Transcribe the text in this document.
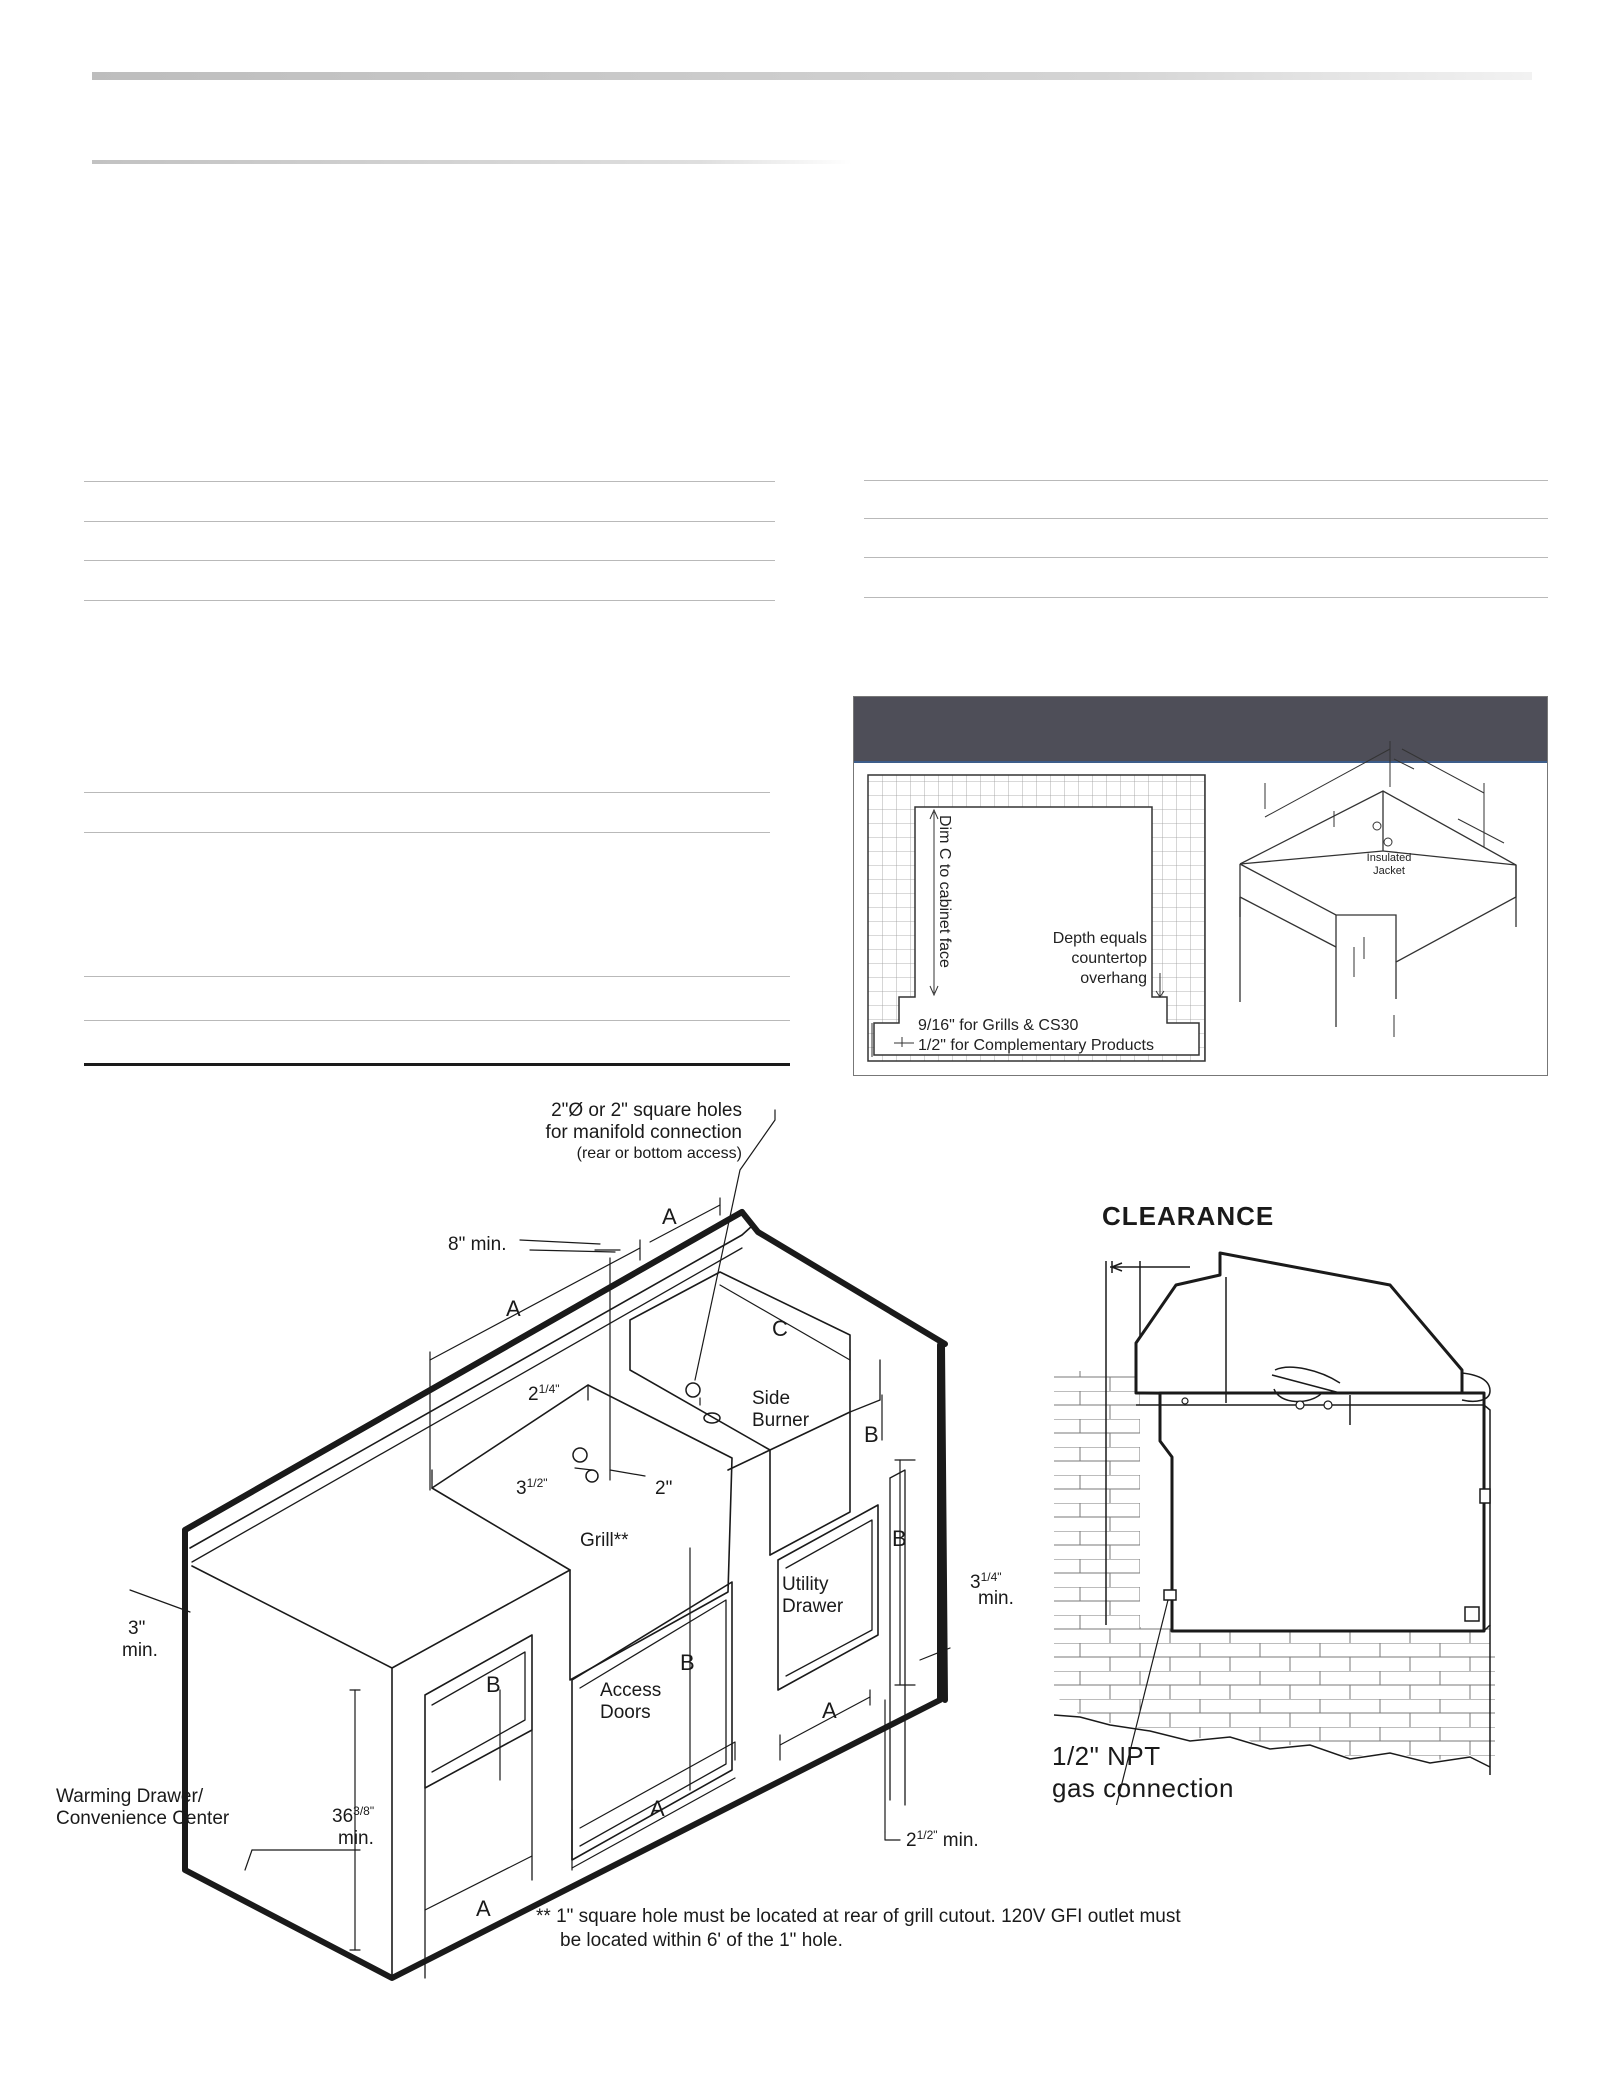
Dim C to cabinet face	Depth equals
countertop
overhang
9/16" for Grills & CS30
1/2" for Complementary Products
Insulated
Jacket
2"Ø or 2" square holes
for manifold connection
(rear or bottom access)
8" min.
A
A
C
Side
Burner
B
B
B
B
A
A
A
$2^{1/4"}$
$3^{1/2"}$	2"
Grill**
Utility
Drawer
Access
Doors
3"
min.
$3^{1/4"}$
min.
$36^{3/8"}$
min.
Warming Drawer/
Convenience Center
$2^{1/2"}$ min.
** 1" square hole must be located at rear of grill cutout. 120V GFI outlet must
be located within 6' of the 1" hole.
CLEARANCE
1/2" NPT
gas connection
